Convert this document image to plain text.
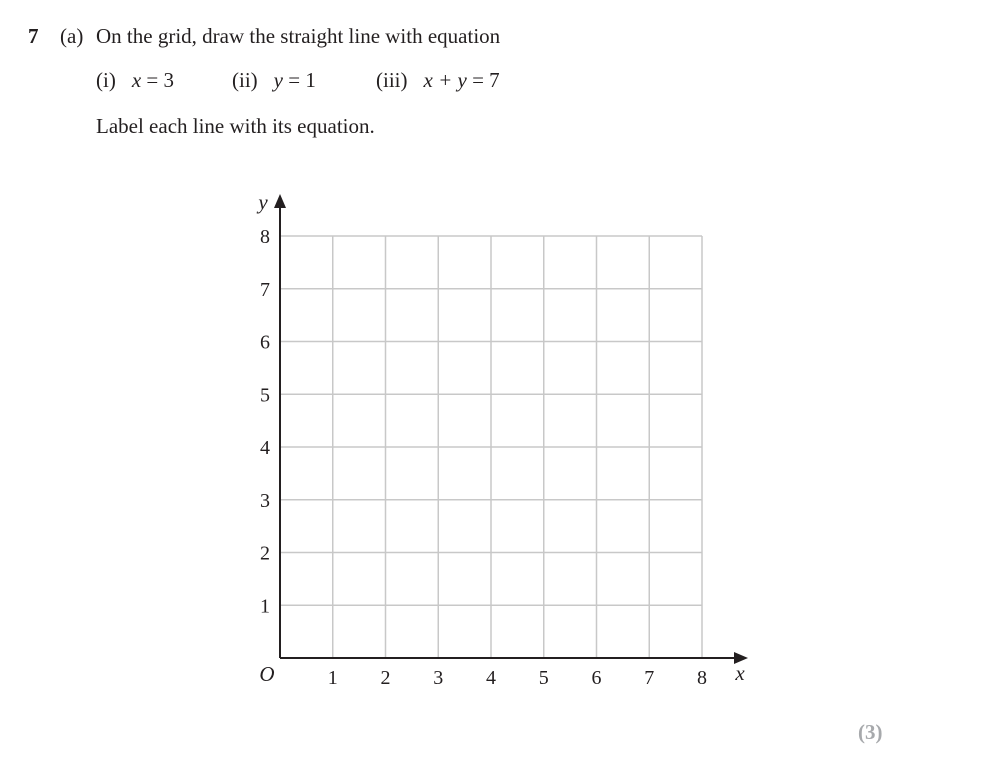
7 (a) On the grid, draw the straight line with equation
(i) x = 3	(ii) y = 1	(iii) x + y = 7
Label each line with its equation.
1 2 3 4 5 6 7 8
1
2
3
4
5
6
7
8
O	x
y
(3)
